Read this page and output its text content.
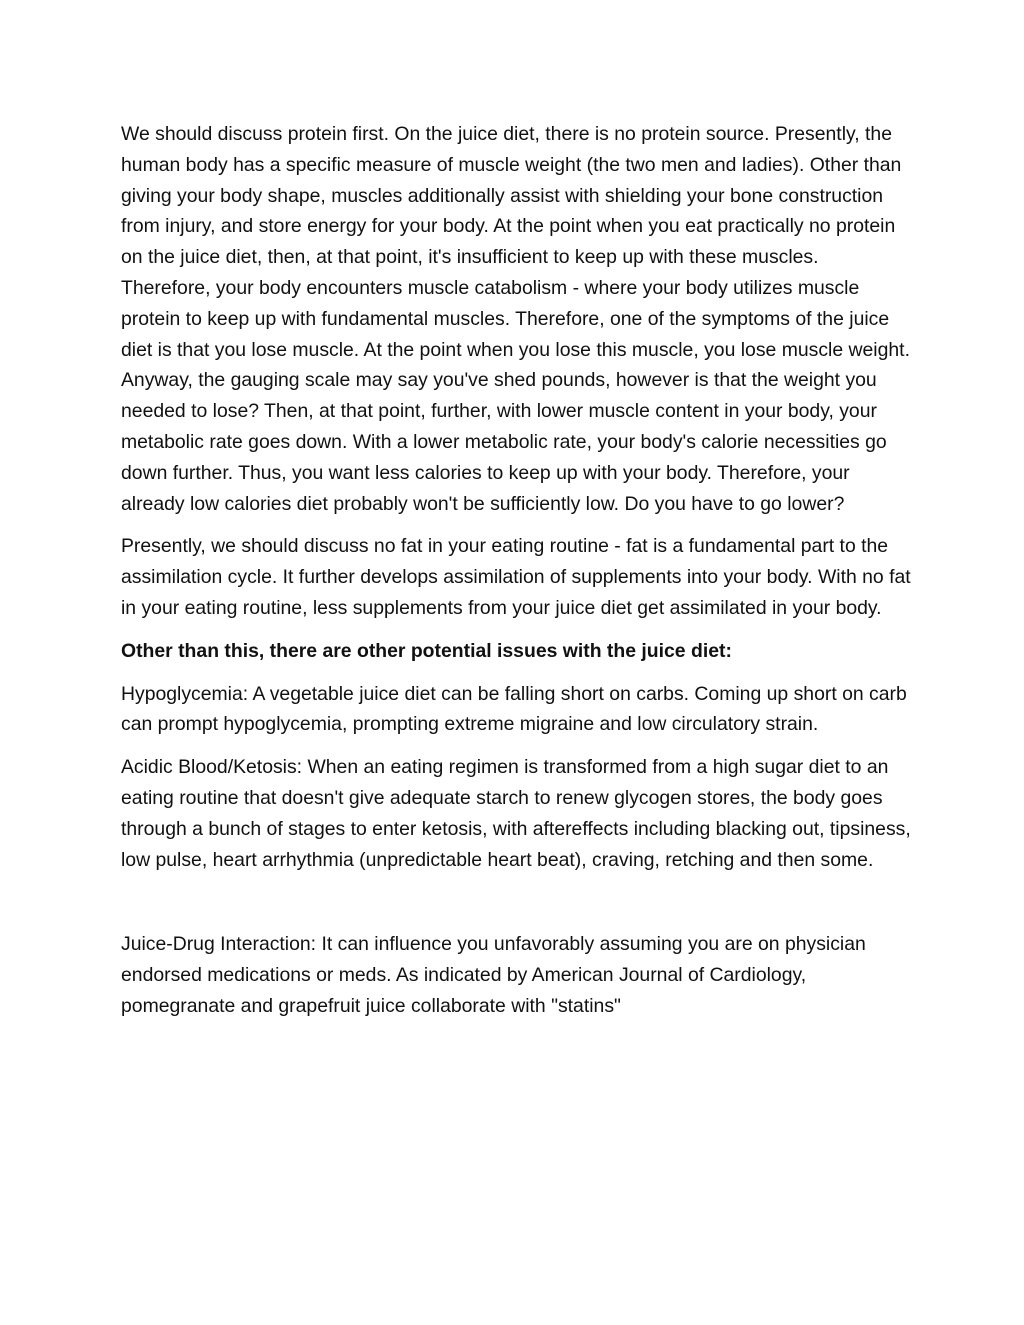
We should discuss protein first. On the juice diet, there is no protein source. Presently, the human body has a specific measure of muscle weight (the two men and ladies). Other than giving your body shape, muscles additionally assist with shielding your bone construction from injury, and store energy for your body. At the point when you eat practically no protein on the juice diet, then, at that point, it's insufficient to keep up with these muscles. Therefore, your body encounters muscle catabolism - where your body utilizes muscle protein to keep up with fundamental muscles. Therefore, one of the symptoms of the juice diet is that you lose muscle. At the point when you lose this muscle, you lose muscle weight. Anyway, the gauging scale may say you've shed pounds, however is that the weight you needed to lose? Then, at that point, further, with lower muscle content in your body, your metabolic rate goes down. With a lower metabolic rate, your body's calorie necessities go down further. Thus, you want less calories to keep up with your body. Therefore, your already low calories diet probably won't be sufficiently low. Do you have to go lower?

Presently, we should discuss no fat in your eating routine - fat is a fundamental part to the assimilation cycle. It further develops assimilation of supplements into your body. With no fat in your eating routine, less supplements from your juice diet get assimilated in your body.

Other than this, there are other potential issues with the juice diet:

Hypoglycemia: A vegetable juice diet can be falling short on carbs. Coming up short on carb can prompt hypoglycemia, prompting extreme migraine and low circulatory strain.

Acidic Blood/Ketosis: When an eating regimen is transformed from a high sugar diet to an eating routine that doesn't give adequate starch to renew glycogen stores, the body goes through a bunch of stages to enter ketosis, with aftereffects including blacking out, tipsiness, low pulse, heart arrhythmia (unpredictable heart beat), craving, retching and then some.

Juice-Drug Interaction: It can influence you unfavorably assuming you are on physician endorsed medications or meds. As indicated by American Journal of Cardiology, pomegranate and grapefruit juice collaborate with "statins"
